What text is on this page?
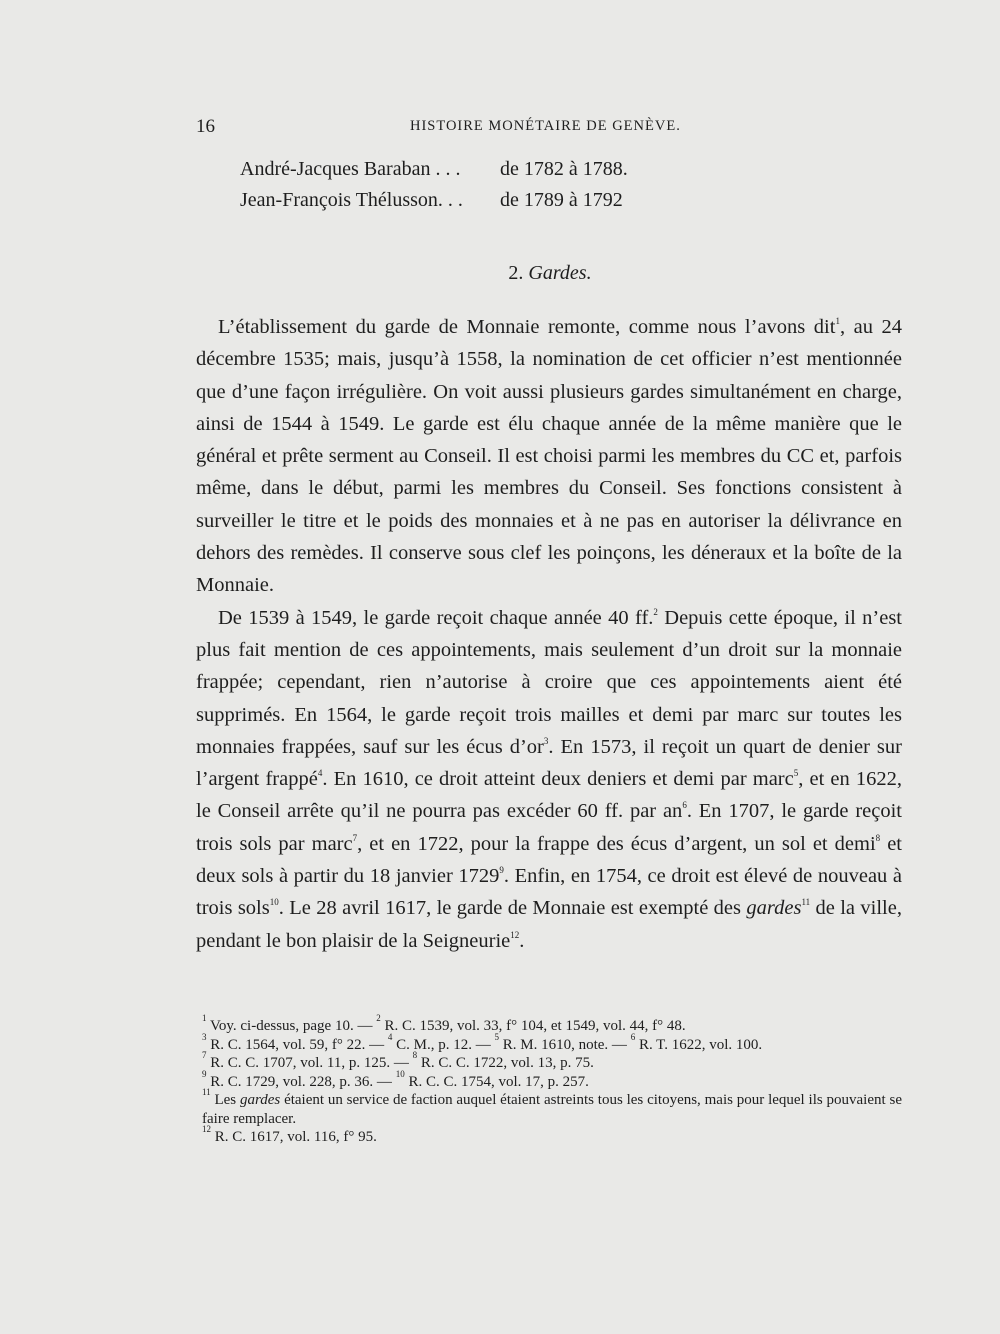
16	HISTOIRE MONÉTAIRE DE GENÈVE.
André-Jacques Baraban . . .	de 1782 à 1788.
Jean-François Thélusson. . .	de 1789 à 1792
2. Gardes.

L’établissement du garde de Monnaie remonte, comme nous l’avons dit$^1$, au 24 décembre 1535; mais, jusqu’à 1558, la nomination de cet officier n’est mentionnée que d’une façon irrégulière. On voit aussi plusieurs gardes simultanément en charge, ainsi de 1544 à 1549. Le garde est élu chaque année de la même manière que le général et prête serment au Conseil. Il est choisi parmi les membres du CC et, parfois même, dans le début, parmi les membres du Conseil. Ses fonctions consistent à surveiller le titre et le poids des monnaies et à ne pas en autoriser la délivrance en dehors des remèdes. Il conserve sous clef les poinçons, les déneraux et la boîte de la Monnaie.

De 1539 à 1549, le garde reçoit chaque année 40 ff.$^2$ Depuis cette époque, il n’est plus fait mention de ces appointements, mais seulement d’un droit sur la monnaie frappée; cependant, rien n’autorise à croire que ces appointements aient été supprimés. En 1564, le garde reçoit trois mailles et demi par marc sur toutes les monnaies frappées, sauf sur les écus $d’or^3$. En 1573, il reçoit un quart de denier sur l’argent frappé$^4$. En 1610, ce droit atteint deux deniers et demi par marc$^5$, et en 1622, le Conseil arrête qu’il ne pourra pas excéder 60 ff. par $an^6$. En 1707, le garde reçoit trois sols par marc$^7$, et en 1722, pour la frappe des écus d’argent, un sol et demi$^8$ et deux sols à partir du 18 janvier 1729$^9$. Enfin, en 1754, ce droit est élevé de nouveau à trois sols$^{10}$. Le 28 avril 1617, le garde de Monnaie est exempté des gardes$^{11}$ de la ville, pendant le bon plaisir de la Seigneurie$^{12}$.

$^1$ Voy. ci-dessus, page 10. — $^2$ R. C. 1539, vol. 33, f° 104, et 1549, vol. 44, f° 48.
$^3$ R. C. 1564, vol. 59, f° 22. — $^4$ C. M., p. 12. — $^5$ R. M. 1610, note. — $^6$ R. T. 1622, vol. 100.
$^7$ R. C. C. 1707, vol. 11, p. 125. — $^8$ R. C. C. 1722, vol. 13, p. 75.
$^9$ R. C. 1729, vol. 228, p. 36. — $^{10}$ R. C. C. 1754, vol. 17, p. 257.
$^{11}$ Les gardes étaient un service de faction auquel étaient astreints tous les citoyens, mais pour lequel ils pouvaient se faire remplacer.
$^{12}$ R. C. 1617, vol. 116, f° 95.
